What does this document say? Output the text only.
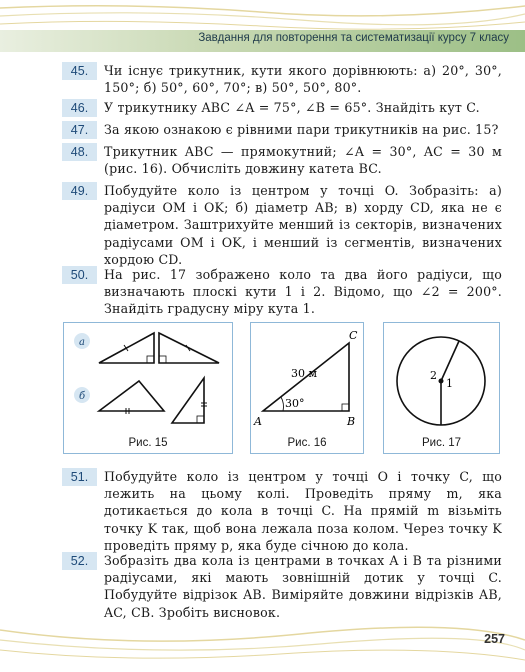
Завдання для повторення та систематизації курсу 7 класу
45.	Чи існує трикутник, кути якого дорівнюють: а) 20°, 30°, 150°; б) 50°, 60°, 70°; в) 50°, 50°, 80°.
46.	У трикутнику ABC ∠A = 75°, ∠B = 65°. Знайдіть кут C.
47.	За якою ознакою є рівними пари трикутників на рис. 15?
48.	Трикутник ABC — прямокутний; ∠A = 30°, AC = 30 м (рис. 16). Обчисліть довжину катета BC.
49.	Побудуйте коло із центром у точці O. Зобразіть: а) радіуси OM і OK; б) діаметр AB; в) хорду CD, яка не є діаметром. Заштрихуйте менший із секторів, визначених радіусами OM і OK, і менший із сегментів, визначених хордою CD.
50.	На рис. 17 зображено коло та два його радіуси, що визначають плоскі кути 1 і 2. Відомо, що ∠2 = 200°. Знайдіть градусну міру кута 1.
а
б
Рис. 15
30°
30 м
A	B
C
Рис. 16
2
1
Рис. 17
51.	Побудуйте коло із центром у точці O і точку C, що лежить на цьому колі. Проведіть пряму m, яка дотикається до кола в точці C. На прямій m візьміть точку K так, щоб вона лежала поза колом. Через точку K проведіть пряму p, яка буде січною до кола.
52.	Зобразіть два кола із центрами в точках A і B та різними радіусами, які мають зовнішній дотик у точці C. Побудуйте відрізок AB. Виміряйте довжини відрізків AB, AC, CB. Зробіть висновок.
257
